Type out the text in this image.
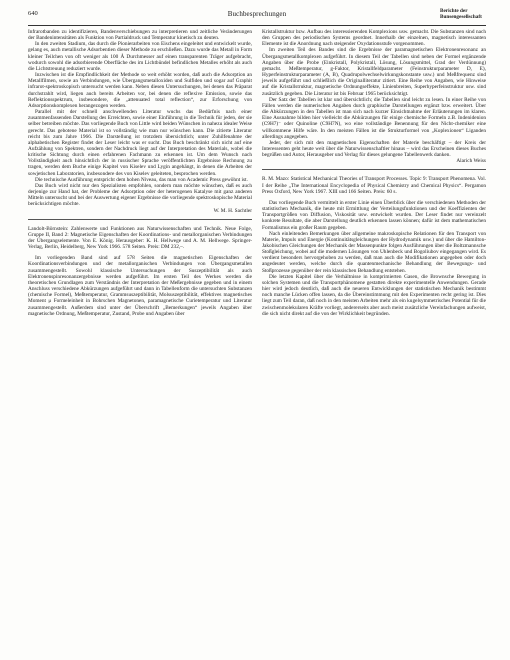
640	Buchbesprechungen	Berichte der
Bunsengesellschaft

Infrarotbanden zu identifizieren, Bandenverschiebungen zu interpretieren und zeitliche Veränderungen der Bandenintensitäten als Funktion von Partialdruck und Temperatur kinetisch zu deuten.

In den zweiten Stadium, das durch die Pionierarbeiten von Eischens eingeleitet und entwickelt wurde, gelang es, auch metallische Adsorbentien dieser Methode zu erschließen. Dazu wurde das Metall in Form kleiner Teilchen von oft weniger als 100 Å Durchmesser auf einen transparenten Träger aufgebracht, wodurch sowohl die adsorbierende Oberfläche des im Lichtbündel befindlichen Metalles erhöht als auch die Lichtstreuung reduziert wurde.

Inzwischen ist die Empfindlichkeit der Methode so weit erhöht worden, daß auch die Adsorption an Metallfilmen, sowie an Verbindungen, wie Übergangsmetalloxiden und Sulfiden und sogar auf Graphit infrarot-spektroskopisch untersucht werden kann. Neben diesen Untersuchungen, bei denen das Präparat durchstrahlt wird, liegen auch bereits Arbeiten vor, bei denen die reflexive Emission, sowie das Reflektionsspektrum, insbesondere, die „attenuated total reflection“, zur Erforschung von Adsorptionskomplexen herangezogen werden.

Parallel mit der schnell anschwellenden Literatur wuchs das Bedürfnis nach einer zusammenfassenden Darstellung des Erreichten, sowie einer Einführung in die Technik für jeden, der sie selber betreiben möchte. Das vorliegende Buch von Little wird beiden Wünschen in nahezu idealer Weise gerecht. Das gebotene Material ist so vollständig wie man nur wünschen kann. Die zitierte Literatur reicht bis zum Jahre 1966. Die Darstellung ist trotzdem übersichtlich; unter Zuhilfenahme der alphabetischen Register findet der Leser leicht was er sucht. Das Buch beschränkt sich nicht auf eine Aufzählung von Spektren, sondern der Nachdruck liegt auf der Interpretation des Materials, wobei die kritische Sichtung durch einen erfahrenen Fachmann zu erkennen ist. Um dem Wunsch nach Vollständigkeit auch hinsichtlich der in russischer Sprache veröffentlichten Ergebnisse Rechnung zu tragen, werden dem Buche einige Kapitel von Kiselev und Lygin angehängt, in denen die Arbeiten der sowjetischen Laboratorien, insbesondere des von Kiselev geleiteten, besprochen werden.

Die technische Ausführung entspricht dem hohen Niveau, das man von Academic Press gewöhnt ist.

Das Buch wird nicht nur den Spezialisten empfohlen, sondern man möchte wünschen, daß es auch derjenige zur Hand hat, der Probleme der Adsorption oder der heterogenen Katalyse mit ganz anderen Mitteln untersucht und bei der Auswertung eigener Ergebnisse die vorliegende spektroskopische Material berücksichtigen möchte.

W. M. H. Sachtler

Landolt-Börnstein: Zahlenwerte und Funktionen aus Naturwissenschaften und Technik. Neue Folge, Gruppe II, Band 2: Magnetische Eigenschaften der Koordinations- und metallorganischen Verbindungen der Übergangselemente. Von E. König. Herausgeber: K. H. Hellwege und A. M. Hellwege. Springer-Verlag, Berlin, Heidelberg, New York 1966. 578 Seiten. Preis: DM 232,–.

Im vorliegenden Band sind auf 578 Seiten die magnetischen Eigenschaften der Koordinationsverbindungen und der metallorganischen Verbindungen von Übergangsmetallen zusammengestellt. Sowohl klassische Untersuchungen der Suszeptibilität als auch Elektronenspinresonanzergebnisse werden aufgeführt. Im ersten Teil des Werkes werden die theoretischen Grundlagen zum Verständnis der Interpretation der Meßergebnisse gegeben und in einem Anschluss verschiedene Abkürzungen aufgeführt und dann in Tabellenform die untersuchten Substanzen (chemische Formel), Meßtemperatur, Grammsuszeptibilität, Molsuszeptibilität, effektives magnetisches Moment μ Formeleinheit in Bohrschen Magnetonen, paramagnetische Curietemperatur und Literatur zusammengestellt. Außerdem sind unter der Überschrift „Bemerkungen“ jeweils Angaben über magnetische Ordnung, Meßtemperatur, Zustand, Probe und Angaben über

Kristallstruktur bzw. Aufbau des interessierenden Komplexions usw. gemacht. Die Substanzen sind nach den Gruppen des periodischen Systems geordnet. Innerhalb der einzelnen, magnetisch interessanten Elemente ist die Anordnung nach steigender Oxydationsstufe vorgenommen.

Im zweiten Teil des Bandes sind die Ergebnisse der paramagnetischen Elektronenresonanz an Übergangsmetallkomplexen aufgeführt. In diesem Teil der Tabellen sind neben der Formel ergänzende Angaben über die Probe (Einkristall, Polykristall, Lösung, Lösungsmittel, Grad der Verdünnung) gemacht. Meßtemperatur, g-Faktor, Kristallfeldparameter (Feinstrukturparameter D, E), Hyperfeinstrukturparameter (A, B), Quadrupolwechselwirkungskonstante usw.) und Meßfrequenz sind jeweils aufgeführt und schließlich die Originalliteratur zitiert. Eine Reihe von Angaben, wie Hinweise auf die Kristallstruktur, magnetische Ordnungseffekte, Linienbreiten, Superhyperfeinstruktur usw. sind zusätzlich gegeben. Die Literatur ist bis Februar 1965 berücksichtigt.

Der Satz der Tabellen ist klar und übersichtlich; die Tabellen sind leicht zu lesen. In einer Reihe von Fällen werden die numerischen Angaben durch graphische Darstellungen ergänzt bzw. erweitert. Über die Abkürzungen in den Tabellen ist man sich nach kurzer Einsichtnahme der Erläuterungen im klaren. Eine Ausnahme bilden hier vielleicht die Abkürzungen für einige chemische Formeln z.B. Indenidenion (C9H7)⁻ oder Quinoline (C9H7N), wo eine vollständige Benennung für den Nicht-chemiker eine willkommene Hilfe wäre. In den meisten Fällen ist die Strukturformel von „Koplexionen“ Liganden allerdings angegeben.

Jeder, der sich mit den magnetischen Eigenschaften der Materie beschäftigt – der Kreis der Interessenten geht heute weit über die Naturwissenschaftler hinaus – wird das Erscheinen dieses Buches begrüßen und Autor, Herausgeber und Verlag für dieses gelungene Tabellenwerk danken.

Alarich Weiss

R. M. Mazo: Statistical Mechanical Theories of Transport Processes. Topic 9: Transport Phenomena. Vol. I der Reihe „The International Encyclopedia of Physical Chemistry and Chemical Physics“. Pergamon Press Oxford, New York 1967. XIII und 166 Seiten. Preis: 60 s.

Das vorliegende Buch vermittelt in erster Linie einen Überblick über die verschiedenen Methoden der statistischen Mechanik, die heute mit Ermittlung der Verteilungsfunktionen und der Koeffizienten der Transportgrößen von Diffusion, Viskosität usw. entwickelt wurden. Der Leser findet nur vereinzelt konkrete Resultate, die aber Darstellung deutlich erkennen lassen können; dafür ist dem mathematischen Formalismus ein großer Raum gegeben.

Nach einleitenden Bemerkungen über allgemeine makroskopische Relationen für den Transport von Materie, Impuls und Energie (Kontinuitätsgleichungen der Hydrodynamik usw.) und über die Hamilton-Jakobischen Gleichungen der Mechanik der Massenpunkte folgen Ausführungen über die Boltzmannsche Stoßgleichung, wobei auf die modernen Lösungen von Uhlenbeck und Bogoliubov eingegangen wird. Es verdient besonders hervorgehoben zu werden, daß man auch die Modifikationen angegeben oder doch angedeutet werden, welche durch die quantenmechanische Behandlung der Bewegungs- und Stoßprozesse gegenüber der rein klassischen Behandlung entstehen.

Die letzten Kapitel über die Verhältnisse in komprimierten Gasen, die Brownsche Bewegung in solchen Systemen und die Transportphänomene gestatten direkte experimentelle Anwendungen. Gerade hier wird jedoch deutlich, daß auch die neueren Entwicklungen der statistischen Mechanik bestimmt noch manche Lücken offen lassen, da die Übereinstimmung mit den Experimenten recht gering ist. Dies liegt zum Teil daran, daß noch in den meisten Arbeiten mehr als ein kugelsymmetrisches Potential für die zwischenmolekularen Kräfte vorliegt, andererseits aber auch meist zusätzliche Vereinfachungen aufweist, die sich nicht direkt auf die von der Wirklichkeit begründen.
